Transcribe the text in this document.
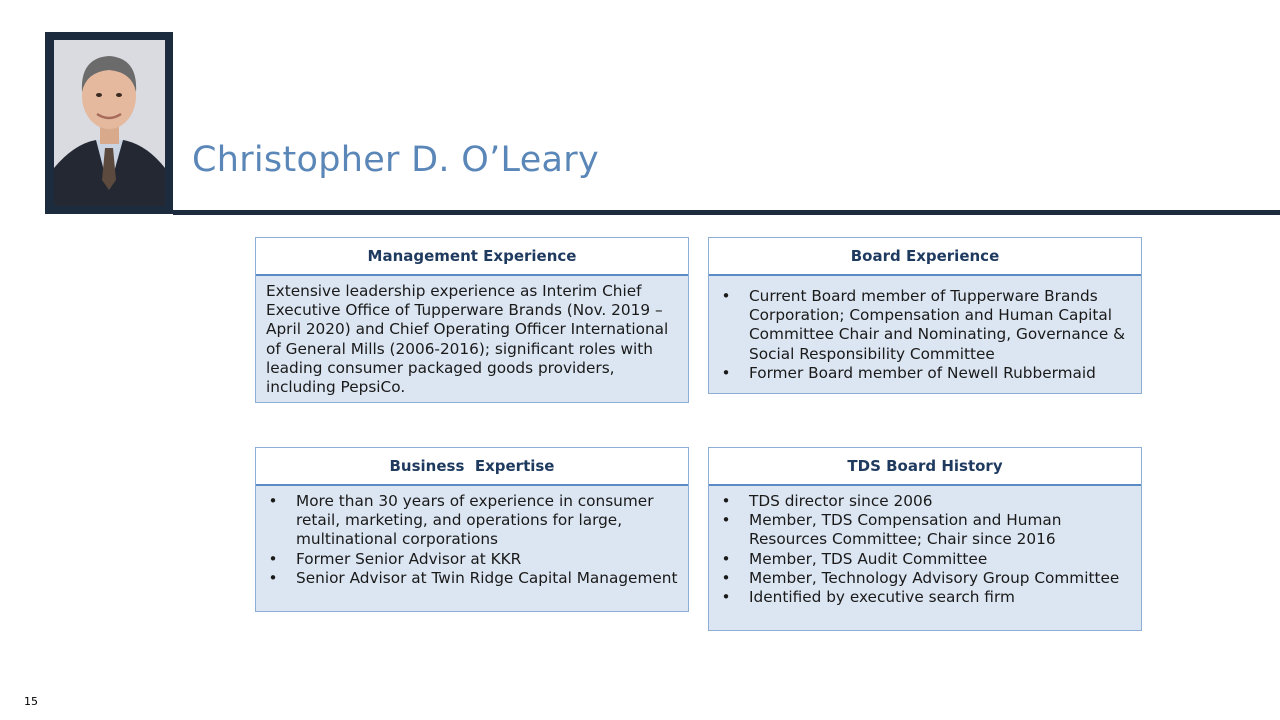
Christopher D. O’Leary
Management Experience

Extensive leadership experience as Interim Chief Executive Office of Tupperware Brands (Nov. 2019 – April 2020) and Chief Operating Officer International of General Mills (2006-2016); significant roles with leading consumer packaged goods providers, including PepsiCo.

Board Experience
• Current Board member of Tupperware Brands Corporation; Compensation and Human Capital Committee Chair and Nominating, Governance & Social Responsibility Committee
• Former Board member of Newell Rubbermaid
Business  Expertise
• More than 30 years of experience in consumer retail, marketing, and operations for large, multinational corporations
• Former Senior Advisor at KKR
• Senior Advisor at Twin Ridge Capital Management
TDS Board History
• TDS director since 2006
• Member, TDS Compensation and Human Resources Committee; Chair since 2016
• Member, TDS Audit Committee
• Member, Technology Advisory Group Committee
• Identified by executive search firm
15
